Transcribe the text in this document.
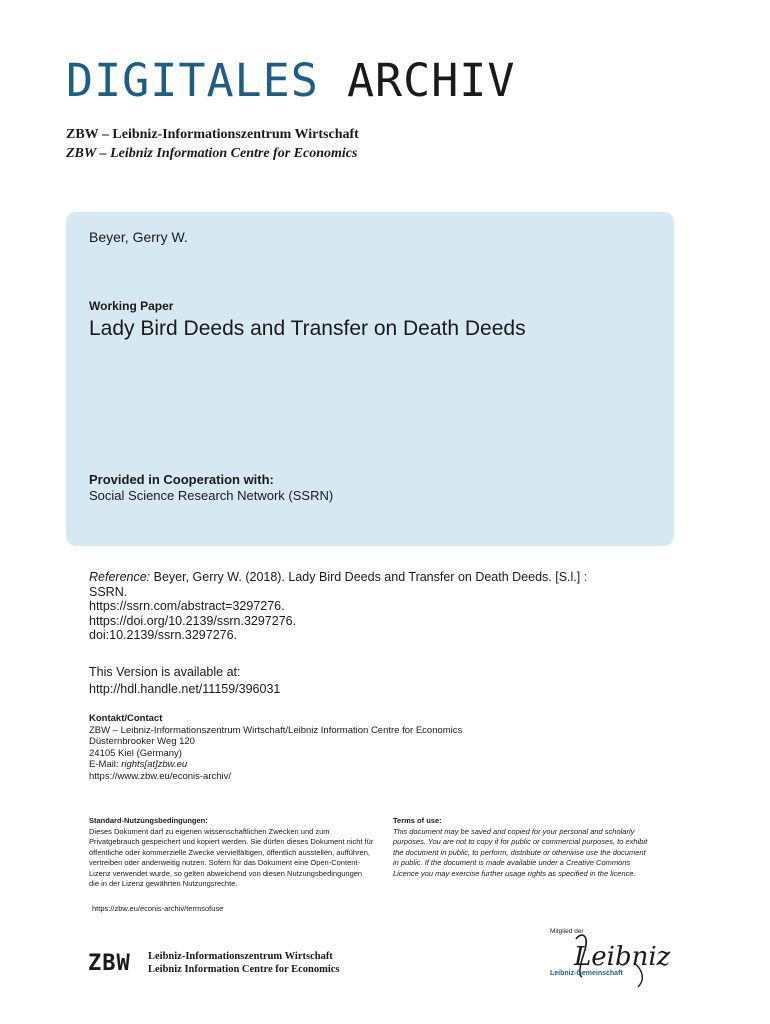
DIGITALES ARCHIV
ZBW – Leibniz-Informationszentrum Wirtschaft
ZBW – Leibniz Information Centre for Economics
Beyer, Gerry W.
Working Paper
Lady Bird Deeds and Transfer on Death Deeds
Provided in Cooperation with:
Social Science Research Network (SSRN)
Reference: Beyer, Gerry W. (2018). Lady Bird Deeds and Transfer on Death Deeds. [S.l.] :
SSRN.
https://ssrn.com/abstract=3297276.
https://doi.org/10.2139/ssrn.3297276.
doi:10.2139/ssrn.3297276.
This Version is available at:
http://hdl.handle.net/11159/396031
Kontakt/Contact
ZBW – Leibniz-Informationszentrum Wirtschaft/Leibniz Information Centre for Economics
Düsternbrooker Weg 120
24105 Kiel (Germany)
E-Mail: rights[at]zbw.eu
https://www.zbw.eu/econis-archiv/
Standard-Nutzungsbedingungen:
Dieses Dokument darf zu eigenen wissenschaftlichen Zwecken und zum Privatgebrauch gespeichert und kopiert werden. Sie dürfen dieses Dokument nicht für öffentliche oder kommerzielle Zwecke vervielfältigen, öffentlich ausstellen, aufführen, vertreiben oder anderweitig nutzen. Sofern für das Dokument eine Open-Content-Lizenz verwendet wurde, so gelten abweichend von diesen Nutzungsbedingungen die in der Lizenz gewährten Nutzungsrechte.
Terms of use:
This document may be saved and copied for your personal and scholarly purposes. You are not to copy it for public or commercial purposes, to exhibit the document in public, to perform, distribute or otherwise use the document in public. If the document is made available under a Creative Commons Licence you may exercise further usage rights as specified in the licence.
https://zbw.eu/econis-archiv/termsofuse
ZBW Leibniz-Informationszentrum Wirtschaft
Leibniz Information Centre for Economics
Mitglied der
Leibniz
Leibniz-Gemeinschaft
